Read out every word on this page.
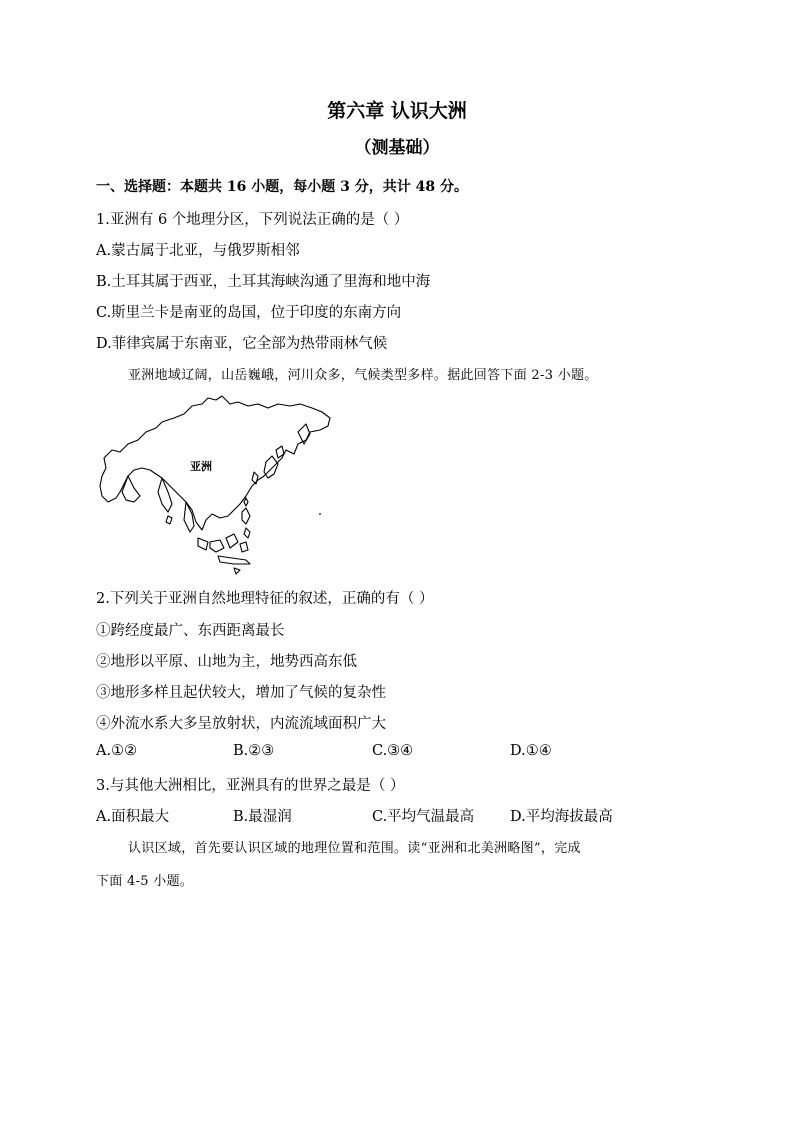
第六章 认识大洲
（测基础）
一、选择题：本题共 16 小题，每小题 3 分，共计 48 分。
1.亚洲有 6 个地理分区，下列说法正确的是（ ）
A.蒙古属于北亚，与俄罗斯相邻
B.土耳其属于西亚，土耳其海峡沟通了里海和地中海
C.斯里兰卡是南亚的岛国，位于印度的东南方向
D.菲律宾属于东南亚，它全部为热带雨林气候
亚洲地域辽阔，山岳巍峨，河川众多，气候类型多样。据此回答下面 2-3 小题。
亚洲
2.下列关于亚洲自然地理特征的叙述，正确的有（ ）
①跨经度最广、东西距离最长
②地形以平原、山地为主，地势西高东低
③地形多样且起伏较大，增加了气候的复杂性
④外流水系大多呈放射状，内流流域面积广大
A.①②	B.②③	C.③④	D.①④
3.与其他大洲相比，亚洲具有的世界之最是（ ）
A.面积最大	B.最湿润	C.平均气温最高 D.平均海拔最高
认识区域，首先要认识区域的地理位置和范围。读“亚洲和北美洲略图”，完成
下面 4-5 小题。
